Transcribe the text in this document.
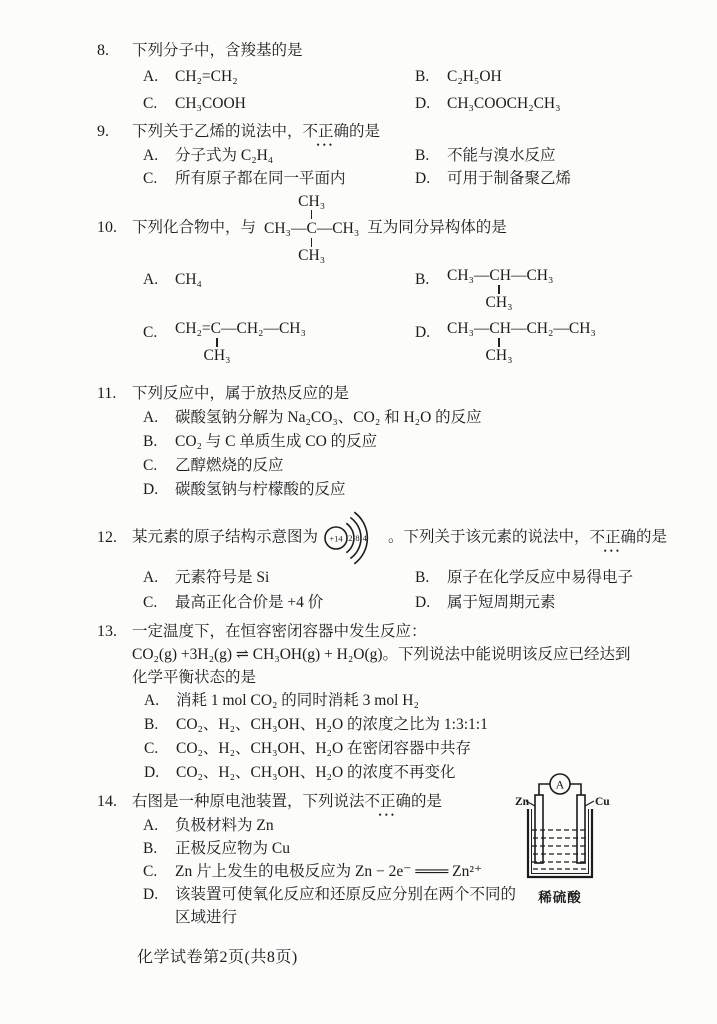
8. 下列分子中，含羧基的是
A.	CH₂=CH₂	B.	C₂H₅OH
C.	CH₃COOH	D.	CH₃COOCH₂CH₃
9. 下列关于乙烯的说法中，不正确 •••的是
A.	分子式为 C₂H₄	B.	不能与溴水反应
C.	所有原子都在同一平面内	D.	可用于制备聚乙烯
10. 下列化合物中，与
CH₃
CH₃—C—CH₃
CH₃
互为同分异构体的是
A.	CH₄	B.	CH₃—CH—CH₃
CH₃
C.	CH₂=C—CH₂—CH₃
CH₃
D.	CH₃—CH—CH₂—CH₃
CH₃
11. 下列反应中，属于放热反应的是
A.	碳酸氢钠分解为 Na₂CO₃、CO₂ 和 H₂O 的反应
B.	CO₂ 与 C 单质生成 CO 的反应
C.	乙醇燃烧的反应
D.	碳酸氢钠与柠檬酸的反应
12. 某元素的原子结构示意图为 +14 2 8 4 。下列关于该元素的说法中，不正确 •••的是
A.	元素符号是 Si	B.	原子在化学反应中易得电子
C.	最高正化合价是 +4 价	D.	属于短周期元素
13. 一定温度下，在恒容密闭容器中发生反应：
CO₂(g) +3H₂(g) ⇌ CH₃OH(g) + H₂O(g)。下列说法中能说明该反应已经达到
化学平衡状态的是
A.	消耗 1 mol CO₂ 的同时消耗 3 mol H₂
B.	CO₂、H₂、CH₃OH、H₂O 的浓度之比为 1:3:1:1
C.	CO₂、H₂、CH₃OH、H₂O 在密闭容器中共存
D.	CO₂、H₂、CH₃OH、H₂O 的浓度不再变化
14. 右图是一种原电池装置，下列说法不正确 •••的是
A.	负极材料为 Zn
B.	正极反应物为 Cu
C.	Zn 片上发生的电极反应为 Zn − 2e⁻ ═══ Zn²⁺
D.	该装置可使氧化反应和还原反应分别在两个不同的区域进行
A
Zn	Cu
稀硫酸
化学试卷第2页(共8页)
